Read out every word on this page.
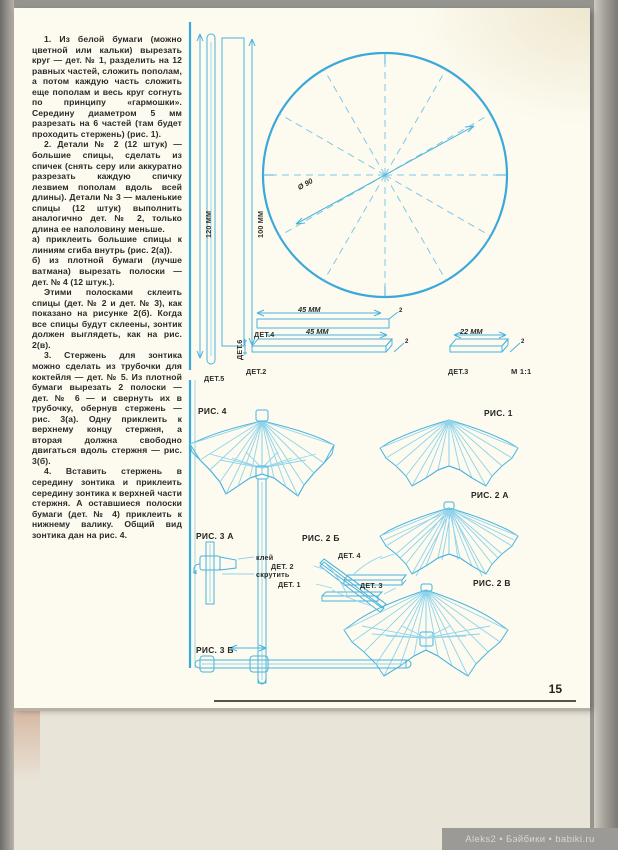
1. Из белой бумаги (можно цветной или кальки) вырезать круг — дет. № 1, разделить на 12 равных частей, сложить пополам, а потом каждую часть сложить еще пополам и весь круг согнуть по принципу «гармошки». Середину диаметром 5 мм разрезать на 6 частей (там будет проходить стержень) (рис. 1).

2. Детали № 2 (12 штук) — большие спицы, сделать из спичек (снять серу или аккуратно разрезать каждую спичку лезвием пополам вдоль всей длины). Детали № 3 — маленькие спицы (12 штук) выполнить аналогично дет. № 2, только длина ее наполовину меньше.

а) приклеить большие спицы к линиям сгиба внутрь (рис. 2(а)).

б) из плотной бумаги (лучше ватмана) вырезать полоски — дет. № 4 (12 штук.).

Этими полосками склеить спицы (дет. № 2 и дет. № 3), как показано на рисунке 2(б). Когда все спицы будут склеены, зонтик должен выглядеть, как на рис. 2(в).

3. Стержень для зонтика можно сделать из трубочки для коктейля — дет. № 5. Из плотной бумаги вырезать 2 полоски — дет. № 6 — и свернуть их в трубочку, обернув стержень — рис. 3(а). Одну приклеить к верхнему концу стержня, а вторая должна свободно двигаться вдоль стержня — рис. 3(б).

4. Вставить стержень в середину зонтика и приклеить середину зонтика к верхней части стержня. А оставшиеся полоски бумаги (дет. № 4) приклеить к нижнему валику. Общий вид зонтика дан на рис. 4.

120 ММ	100 ММ
ДЕТ.6
ДЕТ.5
Ø 90
45 ММ
ДЕТ.4
2
45 ММ
ДЕТ.2
2
22 ММ
ДЕТ.3
2
М 1:1
РИС. 4	РИС. 1
РИС. 2 А
РИС. 2 Б
РИС. 2 В
РИС. 3 А
РИС. 3 Б
клей
скрутить
ДЕТ. 4
ДЕТ. 2
ДЕТ. 1	ДЕТ. 3
15
Aleks2 • Бэйбики • babiki.ru
